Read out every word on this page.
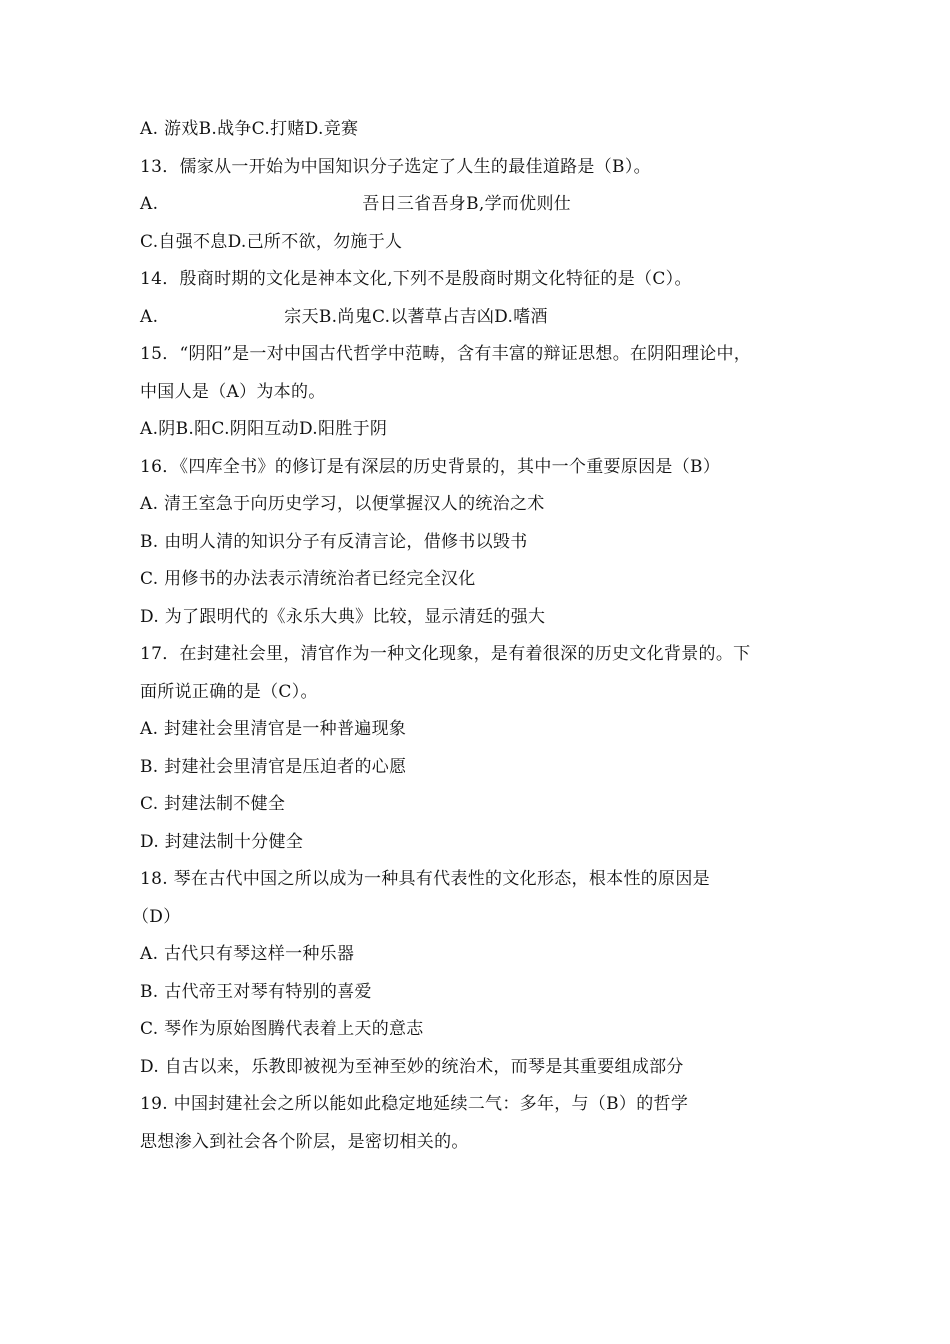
A. 游戏B.战争C.打赌D.竞赛
13．儒家从一开始为中国知识分子选定了人生的最佳道路是（B）。
A.	吾日三省吾身B,学而优则仕
C.自强不息D.己所不欲，勿施于人
14．殷商时期的文化是神本文化,下列不是殷商时期文化特征的是（C）。
A.	宗天B.尚鬼C.以蓍草占吉凶D.嗜酒
15．“阴阳”是一对中国古代哲学中范畴，含有丰富的辩证思想。在阴阳理论中，
中国人是（A）为本的。
A.阴B.阳C.阴阳互动D.阳胜于阴
16．《四库全书》的修订是有深层的历史背景的，其中一个重要原因是（B）
A. 清王室急于向历史学习，以便掌握汉人的统治之术
B. 由明人清的知识分子有反清言论，借修书以毁书
C. 用修书的办法表示清统治者已经完全汉化
D. 为了跟明代的《永乐大典》比较，显示清廷的强大
17．在封建社会里，清官作为一种文化现象，是有着很深的历史文化背景的。下
面所说正确的是（C）。
A. 封建社会里清官是一种普遍现象
B. 封建社会里清官是压迫者的心愿
C. 封建法制不健全
D. 封建法制十分健全
18. 琴在古代中国之所以成为一种具有代表性的文化形态，根本性的原因是
（D）
A. 古代只有琴这样一种乐器
B. 古代帝王对琴有特别的喜爱
C. 琴作为原始图腾代表着上天的意志
D. 自古以来，乐教即被视为至神至妙的统治术，而琴是其重要组成部分
19. 中国封建社会之所以能如此稳定地延续二气：多年，与（B）的哲学
思想渗入到社会各个阶层，是密切相关的。
